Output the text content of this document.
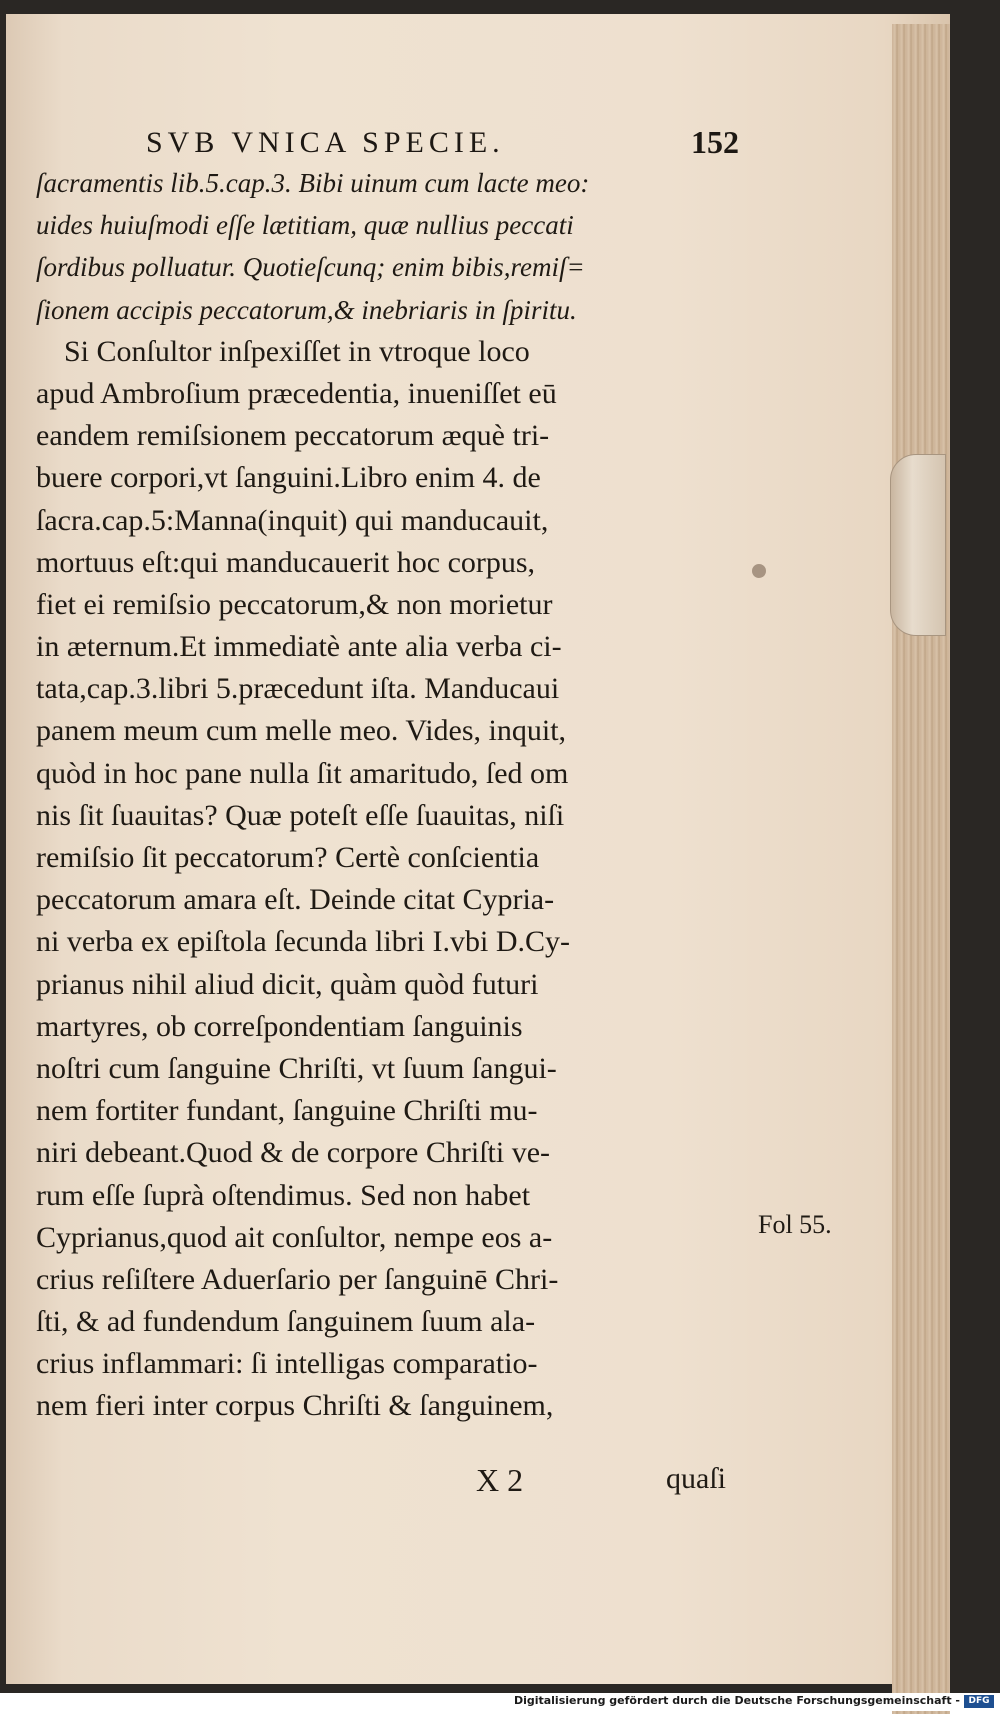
SVB VNICA SPECIE.	152
ſacramentis lib.5.cap.3. Bibi uinum cum lacte meo:
uides huiuſmodi eſſe lætitiam, quæ nullius peccati
ſordibus polluatur. Quotieſcunq; enim bibis,remiſ=
ſionem accipis peccatorum,& inebriaris in ſpiritu.
Si Conſultor inſpexiſſet in vtroque loco
apud Ambroſium præcedentia, inueniſſet eū
eandem remiſsionem peccatorum æquè tri-
buere corpori,vt ſanguini.Libro enim 4. de
ſacra.cap.5:Manna(inquit) qui manducauit,
mortuus eſt:qui manducauerit hoc corpus,
fiet ei remiſsio peccatorum,& non morietur
in æternum.Et immediatè ante alia verba ci-
tata,cap.3.libri 5.præcedunt iſta. Manducaui
panem meum cum melle meo. Vides, inquit,
quòd in hoc pane nulla ſit amaritudo, ſed om
nis ſit ſuauitas? Quæ poteſt eſſe ſuauitas, niſi
remiſsio ſit peccatorum? Certè conſcientia
peccatorum amara eſt. Deinde citat Cypria-
ni verba ex epiſtola ſecunda libri I.vbi D.Cy-
prianus nihil aliud dicit, quàm quòd futuri
martyres, ob correſpondentiam ſanguinis
noſtri cum ſanguine Chriſti, vt ſuum ſangui-
nem fortiter fundant, ſanguine Chriſti mu-
niri debeant.Quod & de corpore Chriſti ve-
rum eſſe ſuprà oſtendimus. Sed non habet
Cyprianus,quod ait conſultor, nempe eos a-
crius reſiſtere Aduerſario per ſanguinē Chri-
ſti, & ad fundendum ſanguinem ſuum ala-
crius inflammari: ſi intelligas comparatio-
nem fieri inter corpus Chriſti & ſanguinem,
Fol 55.
X 2	quaſi
Digitalisierung gefördert durch die Deutsche Forschungsgemeinschaft - DFG
